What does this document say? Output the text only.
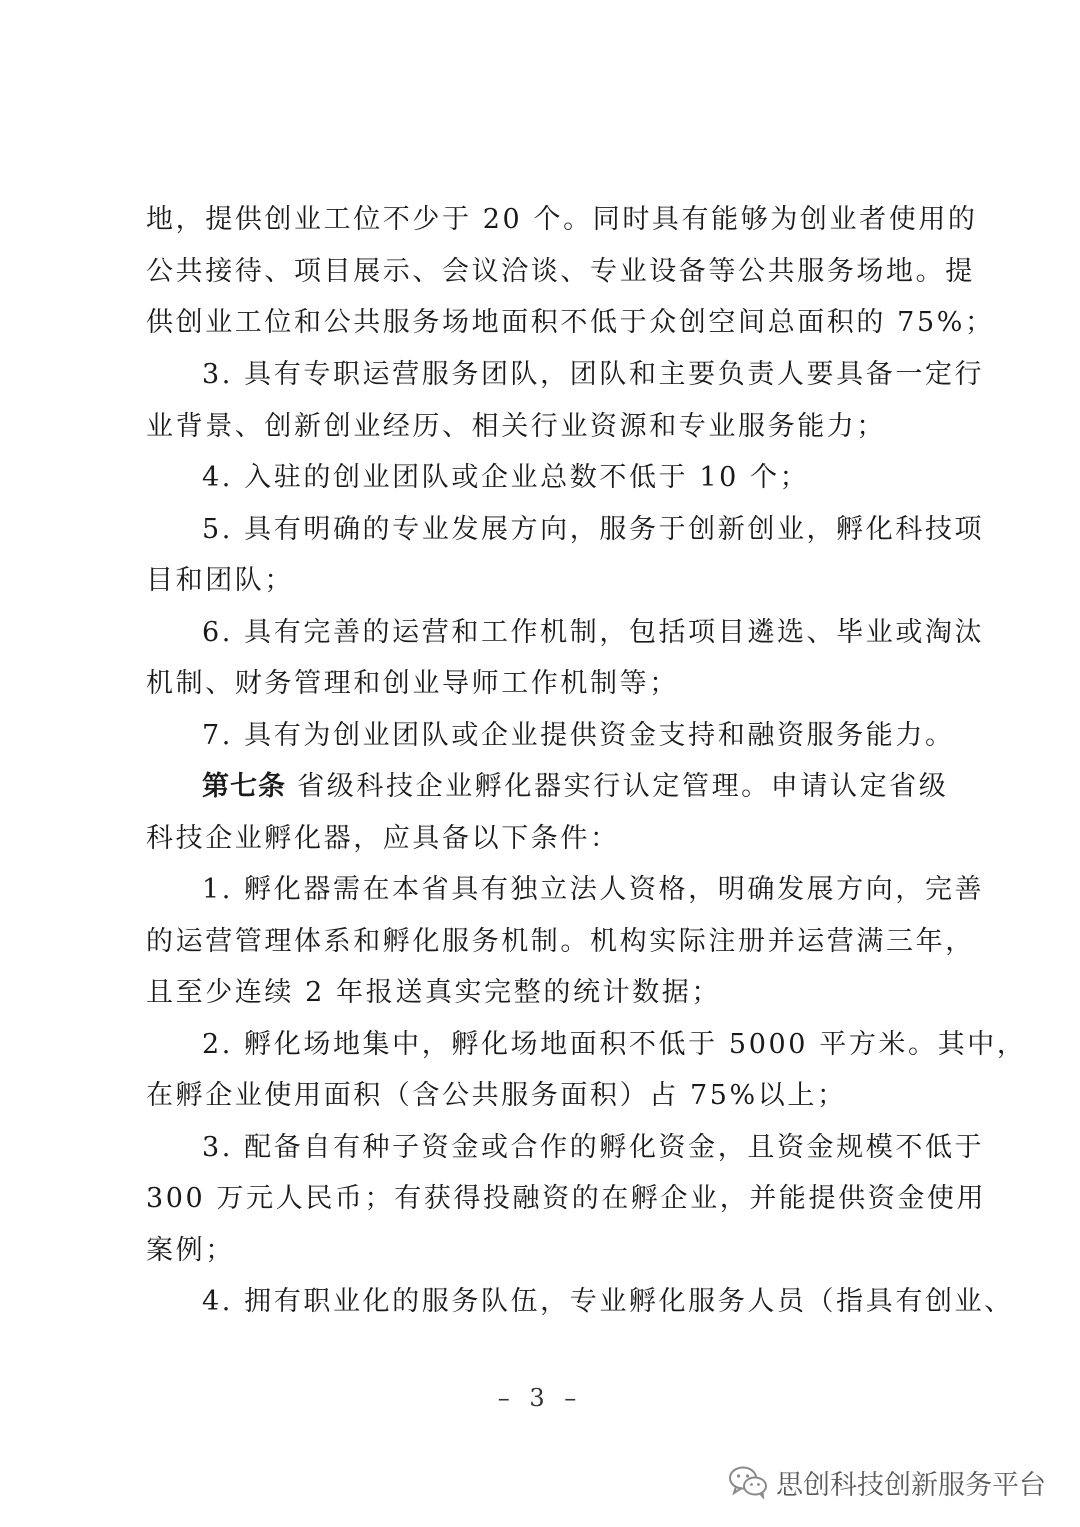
地，提供创业工位不少于 20 个。同时具有能够为创业者使用的
公共接待、项目展示、会议洽谈、专业设备等公共服务场地。提
供创业工位和公共服务场地面积不低于众创空间总面积的 75%；
3. 具有专职运营服务团队，团队和主要负责人要具备一定行
业背景、创新创业经历、相关行业资源和专业服务能力；
4. 入驻的创业团队或企业总数不低于 10 个；
5. 具有明确的专业发展方向，服务于创新创业，孵化科技项
目和团队；
6. 具有完善的运营和工作机制，包括项目遴选、毕业或淘汰
机制、财务管理和创业导师工作机制等；
7. 具有为创业团队或企业提供资金支持和融资服务能力。
第七条 省级科技企业孵化器实行认定管理。申请认定省级
科技企业孵化器，应具备以下条件：
1. 孵化器需在本省具有独立法人资格，明确发展方向，完善
的运营管理体系和孵化服务机制。机构实际注册并运营满三年，
且至少连续 2 年报送真实完整的统计数据；
2. 孵化场地集中，孵化场地面积不低于 5000 平方米。其中，
在孵企业使用面积（含公共服务面积）占 75%以上；
3. 配备自有种子资金或合作的孵化资金，且资金规模不低于
300 万元人民币；有获得投融资的在孵企业，并能提供资金使用
案例；
4. 拥有职业化的服务队伍，专业孵化服务人员（指具有创业、
– 3 –
思创科技创新服务平台
